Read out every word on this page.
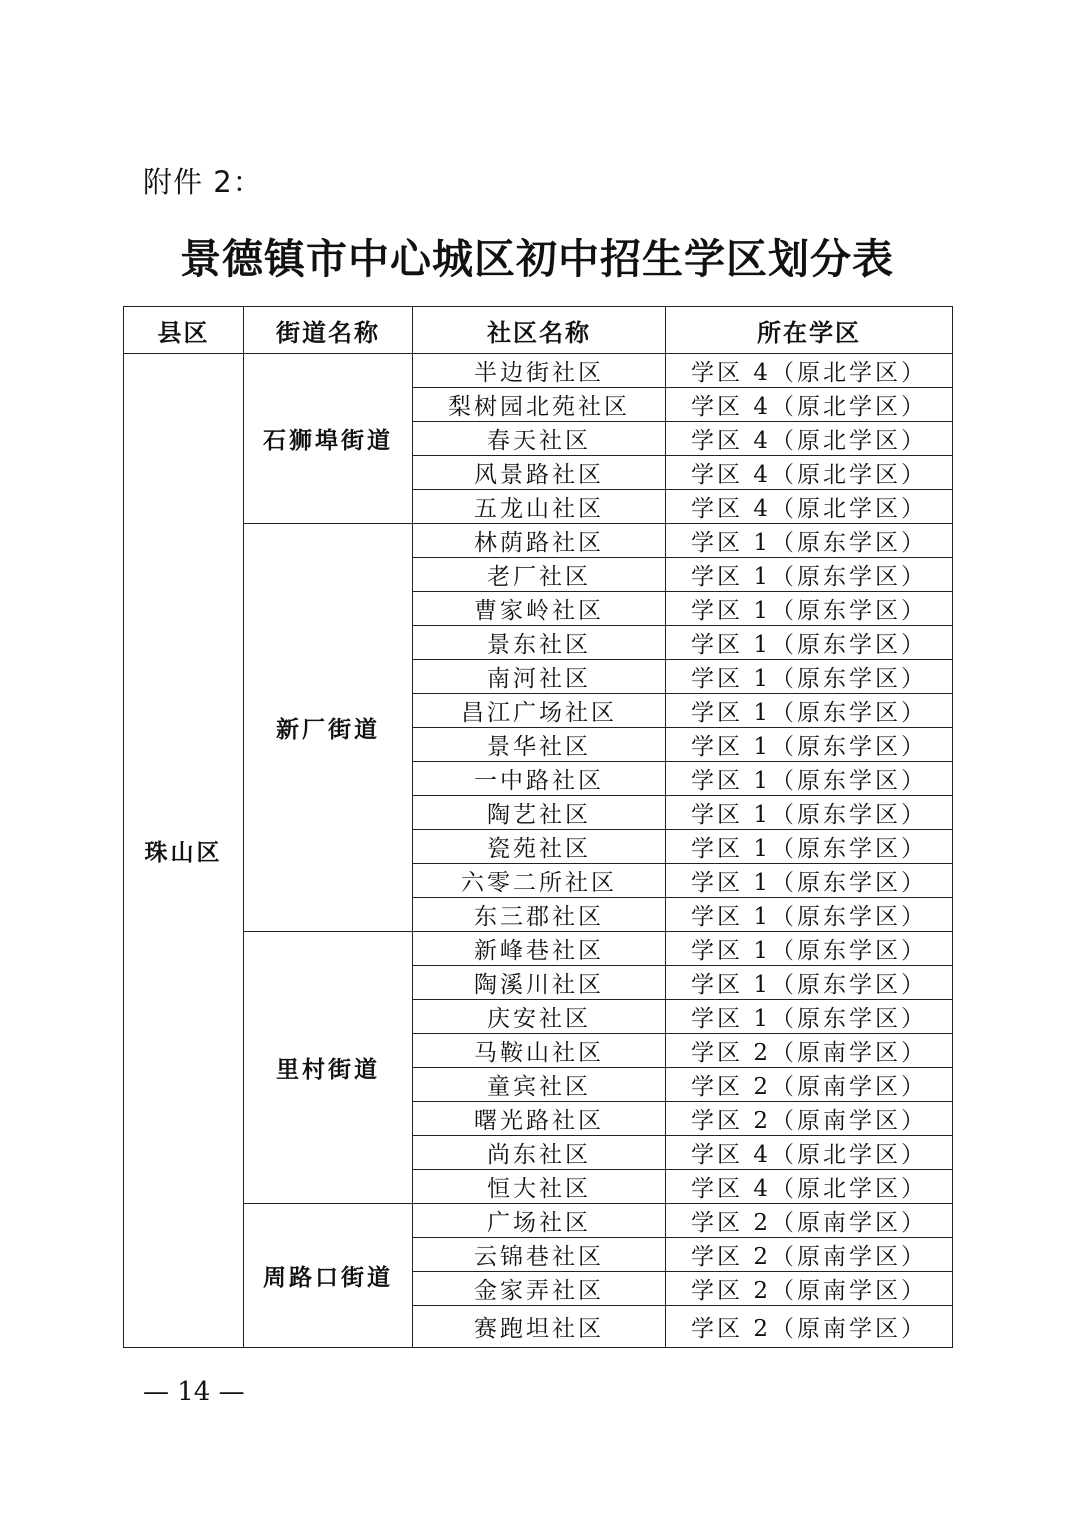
附件 2：
景德镇市中心城区初中招生学区划分表
县区	街道名称	社区名称	所在学区
珠山区	石狮埠街道	半边街社区	学区 4（原北学区）
		梨树园北苑社区	学区 4（原北学区）
		春天社区	学区 4（原北学区）
		风景路社区	学区 4（原北学区）
		五龙山社区	学区 4（原北学区）
	新厂街道	林荫路社区	学区 1（原东学区）
		老厂社区	学区 1（原东学区）
		曹家岭社区	学区 1（原东学区）
		景东社区	学区 1（原东学区）
		南河社区	学区 1（原东学区）
		昌江广场社区	学区 1（原东学区）
		景华社区	学区 1（原东学区）
		一中路社区	学区 1（原东学区）
		陶艺社区	学区 1（原东学区）
		瓷苑社区	学区 1（原东学区）
		六零二所社区	学区 1（原东学区）
		东三郡社区	学区 1（原东学区）
	里村街道	新峰巷社区	学区 1（原东学区）
		陶溪川社区	学区 1（原东学区）
		庆安社区	学区 1（原东学区）
		马鞍山社区	学区 2（原南学区）
		童宾社区	学区 2（原南学区）
		曙光路社区	学区 2（原南学区）
		尚东社区	学区 4（原北学区）
		恒大社区	学区 4（原北学区）
	周路口街道	广场社区	学区 2（原南学区）
		云锦巷社区	学区 2（原南学区）
		金家弄社区	学区 2（原南学区）
		赛跑坦社区	学区 2（原南学区）
— 14 —
